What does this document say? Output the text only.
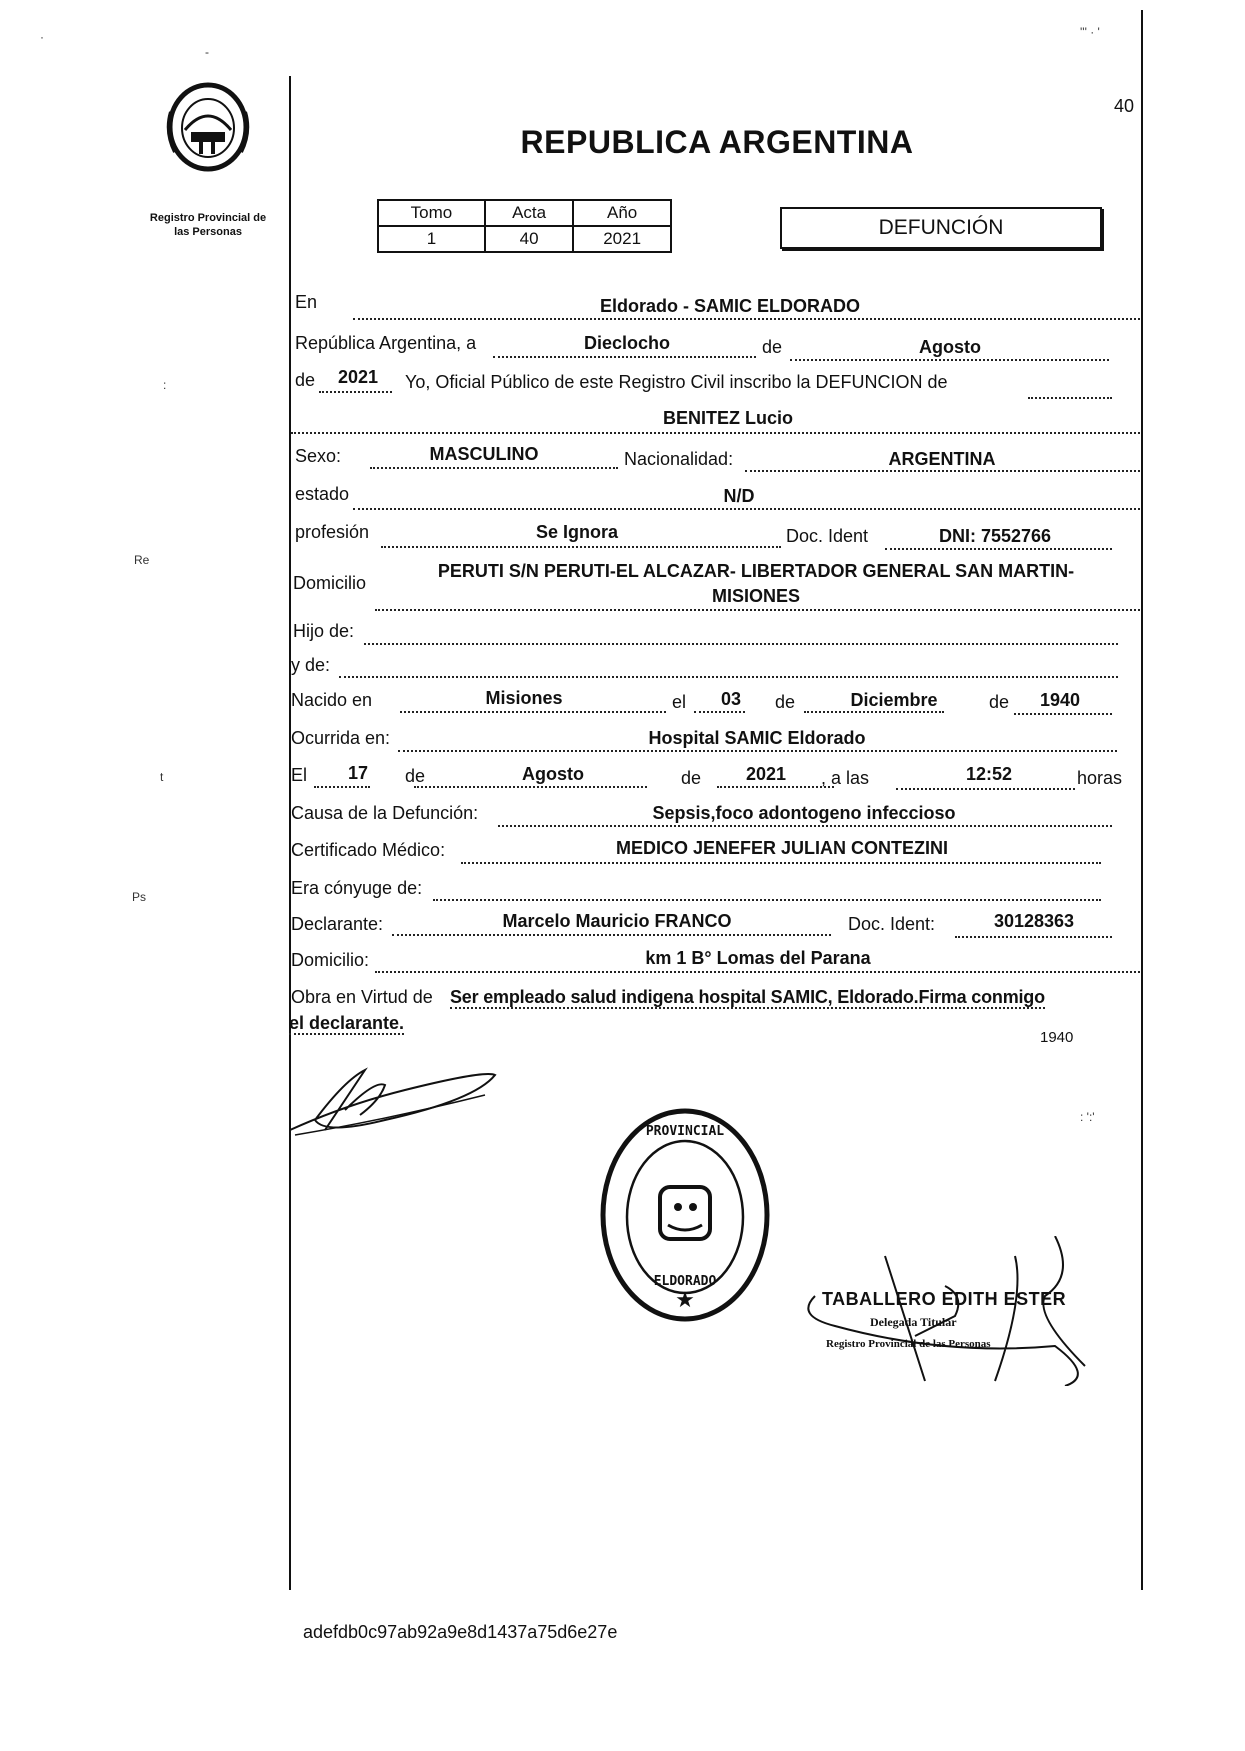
Registro Provincial de
las Personas
REPUBLICA ARGENTINA
40
Tomo	Acta	Año
1	40	2021	DEFUNCIÓN
En	Eldorado - SAMIC ELDORADO
República Argentina, a	Dieclocho	de	Agosto
de 2021 Yo, Oficial Público de este Registro Civil inscribo la DEFUNCION de
BENITEZ Lucio
Sexo:	MASCULINO	Nacionalidad:	ARGENTINA
estado	N/D
profesión	Se Ignora	Doc. Ident	DNI: 7552766
Domicilio
PERUTI S/N PERUTI-EL ALCAZAR- LIBERTADOR GENERAL SAN MARTIN-
MISIONES
Hijo de:
y de:
Nacido en	Misiones	el 03 de	Diciembre	de 1940
Ocurrida en:	Hospital SAMIC Eldorado
El 17 de	Agosto	de 2021 , a las	12:52	horas
Causa de la Defunción:	Sepsis,foco adontogeno infeccioso
Certificado Médico:	MEDICO JENEFER JULIAN CONTEZINI
Era cónyuge de:
Declarante:	Marcelo Mauricio FRANCO	Doc. Ident:	30128363
Domicilio:	km 1 B° Lomas del Parana
Obra en Virtud de Ser empleado salud indigena hospital SAMIC, Eldorado.Firma conmigo
el declarante.
1940
★
PROVINCIAL
ELDORADO
TABALLERO EDITH ESTER
Delegada Titular
Registro Provincial de las Personas
adefdb0c97ab92a9e8d1437a75d6e27e
·
-
:
Re
t
Ps
''' · '
: ':'
